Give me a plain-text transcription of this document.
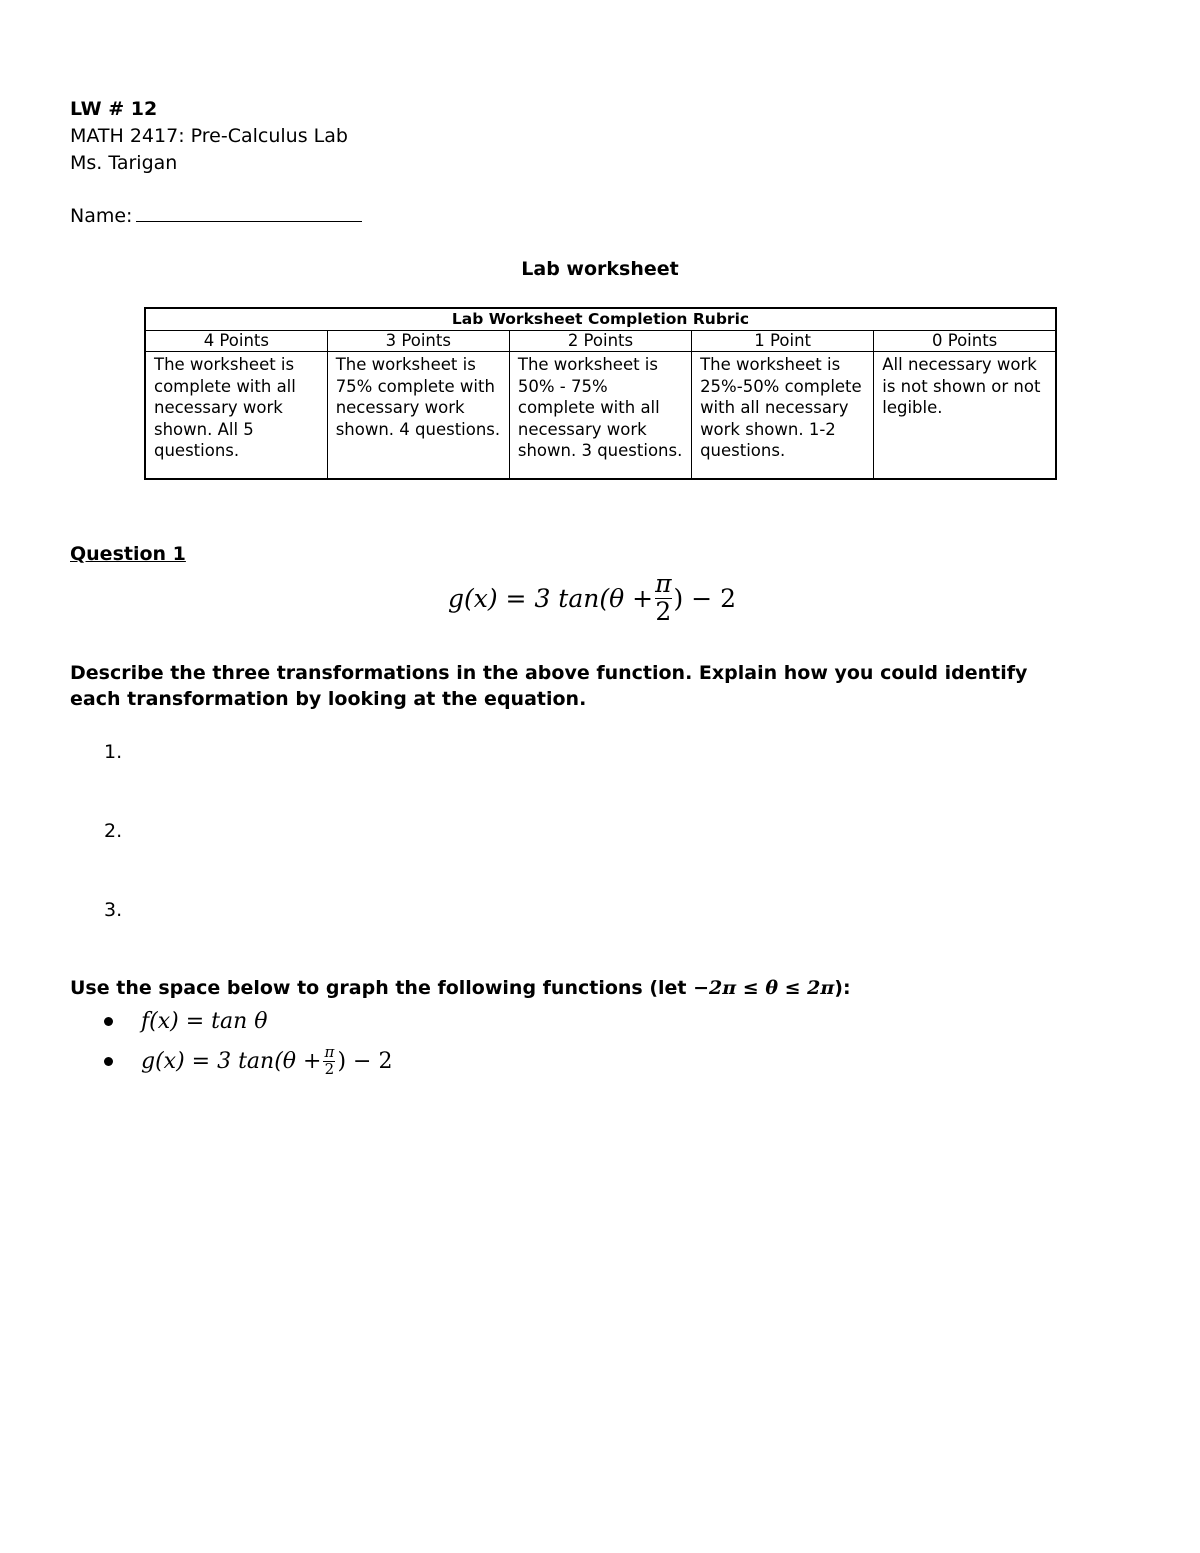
LW # 12
MATH 2417: Pre-Calculus Lab
Ms. Tarigan
Name:
Lab worksheet
Lab Worksheet Completion Rubric				
4 Points	3 Points	2 Points	1 Point	0 Points
The worksheet is complete with all necessary work shown. All 5 questions.	The worksheet is 75% complete with necessary work shown. 4 questions.	The worksheet is 50% - 75% complete with all necessary work shown. 3 questions.	The worksheet is 25%-50% complete with all necessary work shown. 1-2 questions.	All necessary work is not shown or not legible.
Question 1
g(x) = 3 $\tan(\theta + \frac{\pi}{2}$ ) − 2
Describe the three transformations in the above function. Explain how you could identify each transformation by looking at the equation.
1.
2.
3.
Use the space below to graph the following functions (let −2π ≤ θ ≤ 2π):
f(x) = tan θ
g(x) = 3 $\tan(\theta + \frac{\pi}{2}$ ) − 2
